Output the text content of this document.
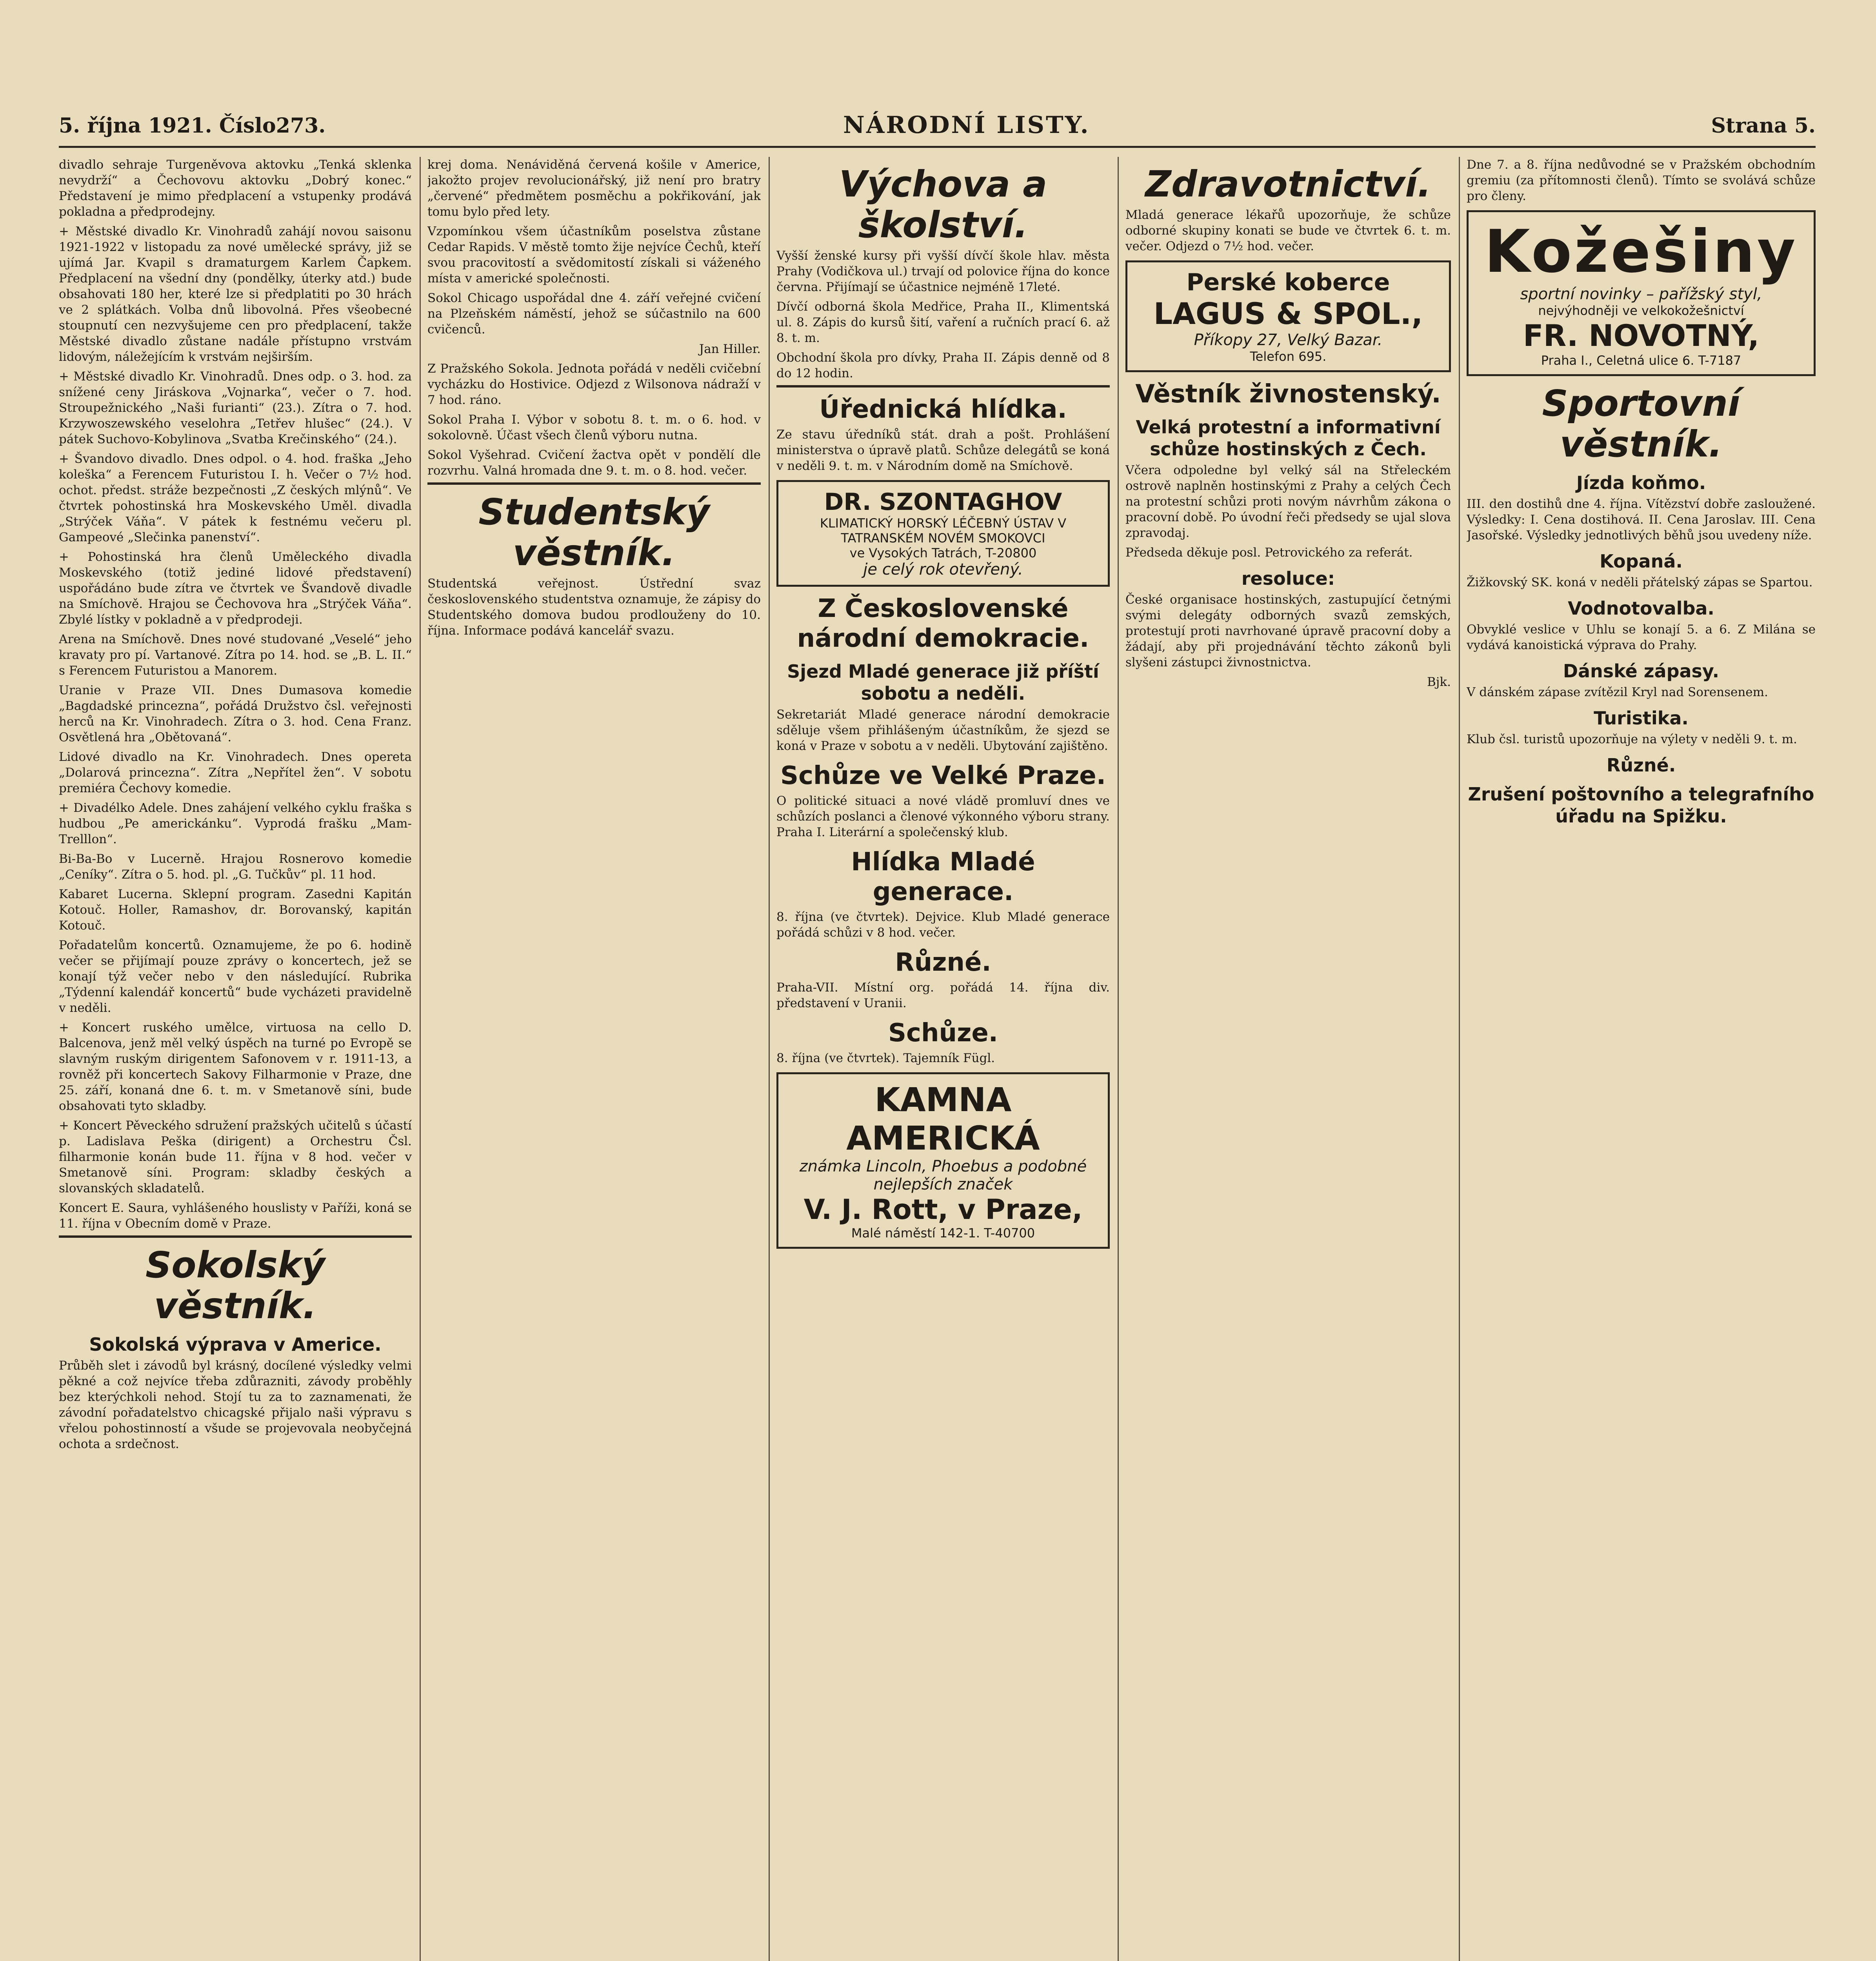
5. října 1921. Číslo273.	NÁRODNÍ LISTY.	Strana 5.

divadlo sehraje Turgeněvova aktovku „Tenká sklenka nevydrží“ a Čechovovu aktovku „Dobrý konec.“ Představení je mimo předplacení a vstupenky prodává pokladna a předprodejny.

+ Městské divadlo Kr. Vinohradů zahájí novou saisonu 1921-1922 v listopadu za nové umělecké správy, již se ujímá Jar. Kvapil s dramaturgem Karlem Čapkem. Předplacení na všední dny (pondělky, úterky atd.) bude obsahovati 180 her, které lze si předplatiti po 30 hrách ve 2 splátkách. Volba dnů libovolná. Přes všeobecné stoupnutí cen nezvyšujeme cen pro předplacení, takže Městské divadlo zůstane nadále přístupno vrstvám lidovým, náležejícím k vrstvám nejširším.

+ Městské divadlo Kr. Vinohradů. Dnes odp. o 3. hod. za snížené ceny Jiráskova „Vojnarka“, večer o 7. hod. Stroupežnického „Naši furianti“ (23.). Zítra o 7. hod. Krzywoszewského veselohra „Tetřev hlušec“ (24.). V pátek Suchovo-Kobylinova „Svatba Krečinského“ (24.).

+ Švandovo divadlo. Dnes odpol. o 4. hod. fraška „Jeho koleška“ a Ferencem Futuristou I. h. Večer o 7½ hod. ochot. předst. stráže bezpečnosti „Z českých mlýnů“. Ve čtvrtek pohostinská hra Moskevského Uměl. divadla „Strýček Váňa“. V pátek k festnému večeru pl. Gampeové „Slečinka panenství“.

+ Pohostinská hra členů Uměleckého divadla Moskevského (totiž jediné lidové představení) uspořádáno bude zítra ve čtvrtek ve Švandově divadle na Smíchově. Hrajou se Čechovova hra „Strýček Váňa“. Zbylé lístky v pokladně a v předprodeji.

Arena na Smíchově. Dnes nové studované „Veselé“ jeho kravaty pro pí. Vartanové. Zítra po 14. hod. se „B. L. II.“ s Ferencem Futuristou a Manorem.

Uranie v Praze VII. Dnes Dumasova komedie „Bagdadské princezna“, pořádá Družstvo čsl. veřejnosti herců na Kr. Vinohradech. Zítra o 3. hod. Cena Franz. Osvětlená hra „Obětovaná“.

Lidové divadlo na Kr. Vinohradech. Dnes opereta „Dolarová princezna“. Zítra „Nepřítel žen“. V sobotu premiéra Čechovy komedie.

+ Divadélko Adele. Dnes zahájení velkého cyklu fraška s hudbou „Pe americkánku“. Vyprodá frašku „Mam-Trelllon“.

Bi-Ba-Bo v Lucerně. Hrajou Rosnerovo komedie „Ceníky“. Zítra o 5. hod. pl. „G. Tučkův“ pl. 11 hod.

Kabaret Lucerna. Sklepní program. Zasedni Kapitán Kotouč. Holler, Ramashov, dr. Borovanský, kapitán Kotouč.

Pořadatelům koncertů. Oznamujeme, že po 6. hodině večer se přijímají pouze zprávy o koncertech, jež se konají týž večer nebo v den následující. Rubrika „Týdenní kalendář koncertů“ bude vycházeti pravidelně v neděli.

+ Koncert ruského umělce, virtuosa na cello D. Balcenova, jenž měl velký úspěch na turné po Evropě se slavným ruským dirigentem Safonovem v r. 1911-13, a rovněž při koncertech Sakovy Filharmonie v Praze, dne 25. září, konaná dne 6. t. m. v Smetanově síni, bude obsahovati tyto skladby.

+ Koncert Pěveckého sdružení pražských učitelů s účastí p. Ladislava Peška (dirigent) a Orchestru Čsl. filharmonie konán bude 11. října v 8 hod. večer v Smetanově síni. Program: skladby českých a slovanských skladatelů.

Koncert E. Saura, vyhlášeného houslisty v Paříži, koná se 11. října v Obecním domě v Praze.

Sokolský věstník.
Sokolská výprava v Americe.

Průběh slet i závodů byl krásný, docílené výsledky velmi pěkné a což nejvíce třeba zdůrazniti, závody proběhly bez kterýchkoli nehod. Stojí tu za to zaznamenati, že závodní pořadatelstvo chicagské přijalo naši výpravu s vřelou pohostinností a všude se projevovala neobyčejná ochota a srdečnost.

krej doma. Nenáviděná červená košile v Americe, jakožto projev revolucionářský, již není pro bratry „červené“ předmětem posměchu a pokřikování, jak tomu bylo před lety.

Vzpomínkou všem účastníkům poselstva zůstane Cedar Rapids. V městě tomto žije nejvíce Čechů, kteří svou pracovitostí a svědomitostí získali si váženého místa v americké společnosti.

Sokol Chicago uspořádal dne 4. září veřejné cvičení na Plzeňském náměstí, jehož se súčastnilo na 600 cvičenců.

Jan Hiller.

Z Pražského Sokola. Jednota pořádá v neděli cvičební vycházku do Hostivice. Odjezd z Wilsonova nádraží v 7 hod. ráno.

Sokol Praha I. Výbor v sobotu 8. t. m. o 6. hod. v sokolovně. Účast všech členů výboru nutna.

Sokol Vyšehrad. Cvičení žactva opět v pondělí dle rozvrhu. Valná hromada dne 9. t. m. o 8. hod. večer.

Studentský věstník.

Studentská veřejnost. Ústřední svaz československého studentstva oznamuje, že zápisy do Studentského domova budou prodlouženy do 10. října. Informace podává kancelář svazu.

Výchova a školství.

Vyšší ženské kursy při vyšší dívčí škole hlav. města Prahy (Vodičkova ul.) trvají od polovice října do konce června. Přijímají se účastnice nejméně 17leté.

Dívčí odborná škola Medřice, Praha II., Klimentská ul. 8. Zápis do kursů šití, vaření a ručních prací 6. až 8. t. m.

Obchodní škola pro dívky, Praha II. Zápis denně od 8 do 12 hodin.

Úřednická hlídka.

Ze stavu úředníků stát. drah a pošt. Prohlášení ministerstva o úpravě platů. Schůze delegátů se koná v neděli 9. t. m. v Národním domě na Smíchově.

DR. SZONTAGHOV
KLIMATICKÝ HORSKÝ LÉČEBNÝ ÚSTAV V TATRANSKÉM NOVÉM SMOKOVCI
ve Vysokých Tatrách, T-20800
je celý rok otevřený.
Z Československé národní demokracie.
Sjezd Mladé generace již příští sobotu a neděli.

Sekretariát Mladé generace národní demokracie sděluje všem přihlášeným účastníkům, že sjezd se koná v Praze v sobotu a v neděli. Ubytování zajištěno.

Schůze ve Velké Praze.

O politické situaci a nové vládě promluví dnes ve schůzích poslanci a členové výkonného výboru strany. Praha I. Literární a společenský klub.

Hlídka Mladé generace.

8. října (ve čtvrtek). Dejvice. Klub Mladé generace pořádá schůzi v 8 hod. večer.

Různé.

Praha-VII. Místní org. pořádá 14. října div. představení v Uranii.

Schůze.

8. října (ve čtvrtek). Tajemník Fügl.

KAMNA AMERICKÁ
známka Lincoln, Phoebus a podobné nejlepších značek
V. J. Rott, v Praze,
Malé náměstí 142-1. T-40700
Zdravotnictví.

Mladá generace lékařů upozorňuje, že schůze odborné skupiny konati se bude ve čtvrtek 6. t. m. večer. Odjezd o 7½ hod. večer.

Perské koberce
LAGUS & SPOL.,
Příkopy 27, Velký Bazar.
Telefon 695.
Věstník živnostenský.
Velká protestní a informativní schůze hostinských z Čech.

Včera odpoledne byl velký sál na Střeleckém ostrově naplněn hostinskými z Prahy a celých Čech na protestní schůzi proti novým návrhům zákona o pracovní době. Po úvodní řeči předsedy se ujal slova zpravodaj.

Předseda děkuje posl. Petrovického za referát.

resoluce:

České organisace hostinských, zastupující četnými svými delegáty odborných svazů zemských, protestují proti navrhované úpravě pracovní doby a žádají, aby při projednávání těchto zákonů byli slyšeni zástupci živnostnictva.

Bjk.

Dne 7. a 8. října nedůvodné se v Pražském obchodním gremiu (za přítomnosti členů). Tímto se svolává schůze pro členy.

Kožešiny
sportní novinky – pařížský styl,
nejvýhodněji ve velkokožešnictví
FR. NOVOTNÝ,
Praha I., Celetná ulice 6. T-7187
Sportovní věstník.
Jízda koňmo.

III. den dostihů dne 4. října. Vítězství dobře zasloužené. Výsledky: I. Cena dostihová. II. Cena Jaroslav. III. Cena Jasořské. Výsledky jednotlivých běhů jsou uvedeny níže.

Kopaná.

Žižkovský SK. koná v neděli přátelský zápas se Spartou.

Vodnotovalba.

Obvyklé veslice v Uhlu se konají 5. a 6. Z Milána se vydává kanoistická výprava do Prahy.

Dánské zápasy.

V dánském zápase zvítězil Kryl nad Sorensenem.

Turistika.

Klub čsl. turistů upozorňuje na výlety v neděli 9. t. m.

Různé.
Zrušení poštovního a telegrafního úřadu na Spižku.
